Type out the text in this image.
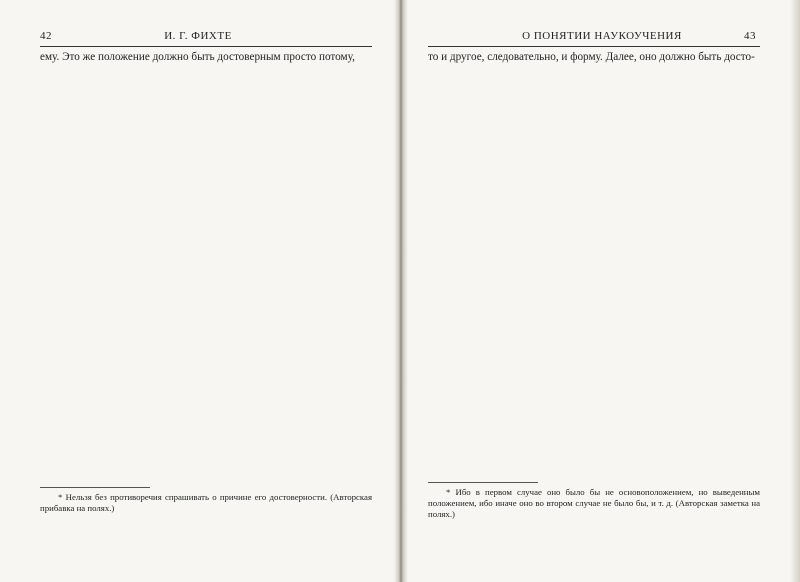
42	И. Г. ФИХТЕ

ему. Это же положение должно быть достоверным просто потому,

* Нельзя без противоречия спрашивать о причине его достоверности. (Авторская прибавка на полях.)
О ПОНЯТИИ НАУКОУЧЕНИЯ	43

то и другое, следовательно, и форму. Далее, оно должно быть досто-

* Ибо в первом случае оно было бы не основоположением, но выведенным положением, ибо иначе оно во втором случае не было бы, и т. д. (Авторская заметка на полях.)
